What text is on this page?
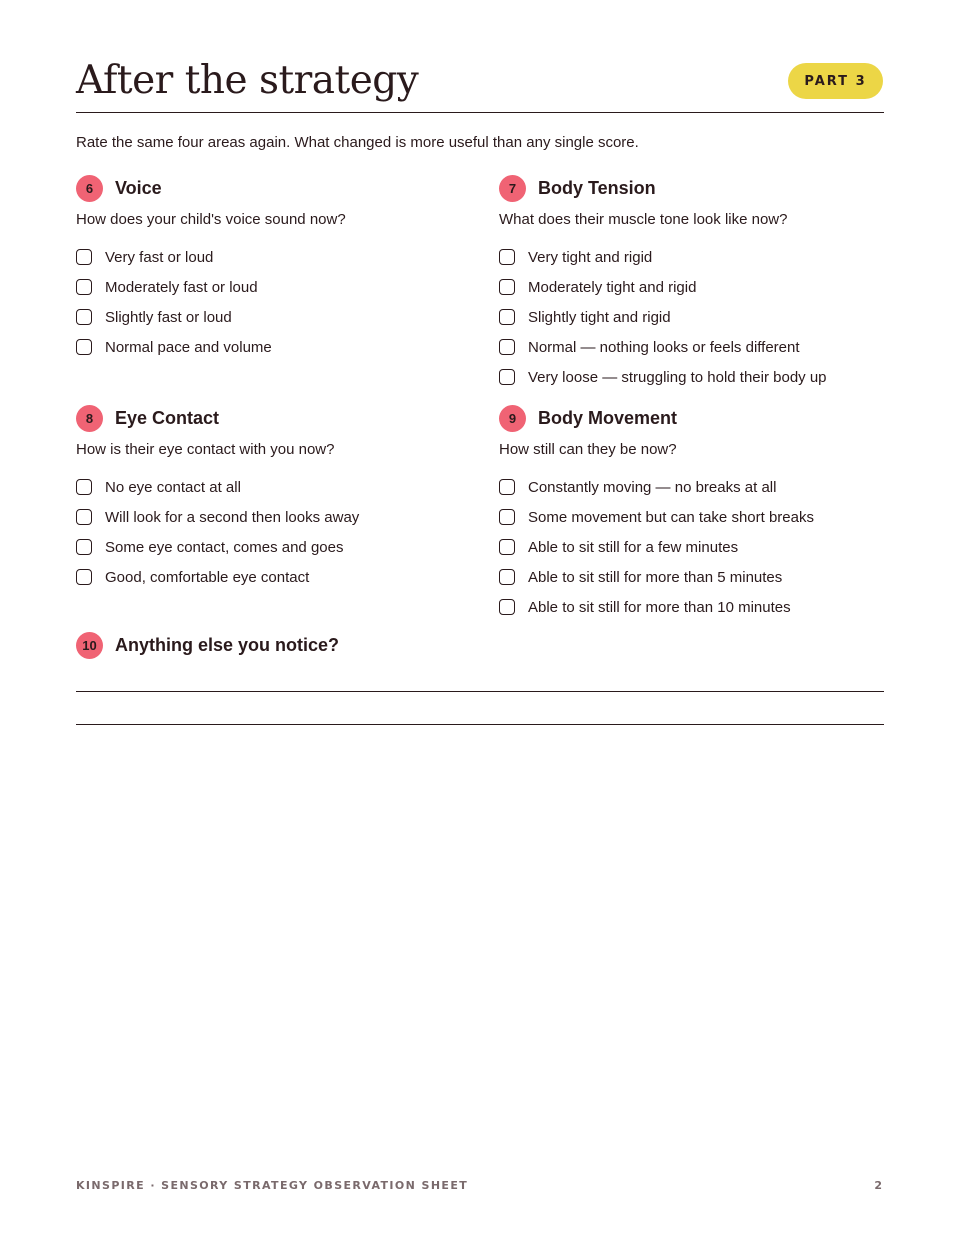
After the strategy	PART 3
Rate the same four areas again. What changed is more useful than any single score.
6	Voice
How does your child's voice sound now?
Very fast or loud
Moderately fast or loud
Slightly fast or loud
Normal pace and volume
7	Body Tension
What does their muscle tone look like now?
Very tight and rigid
Moderately tight and rigid
Slightly tight and rigid
Normal — nothing looks or feels different
Very loose — struggling to hold their body up
8	Eye Contact
How is their eye contact with you now?
No eye contact at all
Will look for a second then looks away
Some eye contact, comes and goes
Good, comfortable eye contact
9	Body Movement
How still can they be now?
Constantly moving — no breaks at all
Some movement but can take short breaks
Able to sit still for a few minutes
Able to sit still for more than 5 minutes
Able to sit still for more than 10 minutes
10	Anything else you notice?
KINSPIRE · SENSORY STRATEGY OBSERVATION SHEET	2
